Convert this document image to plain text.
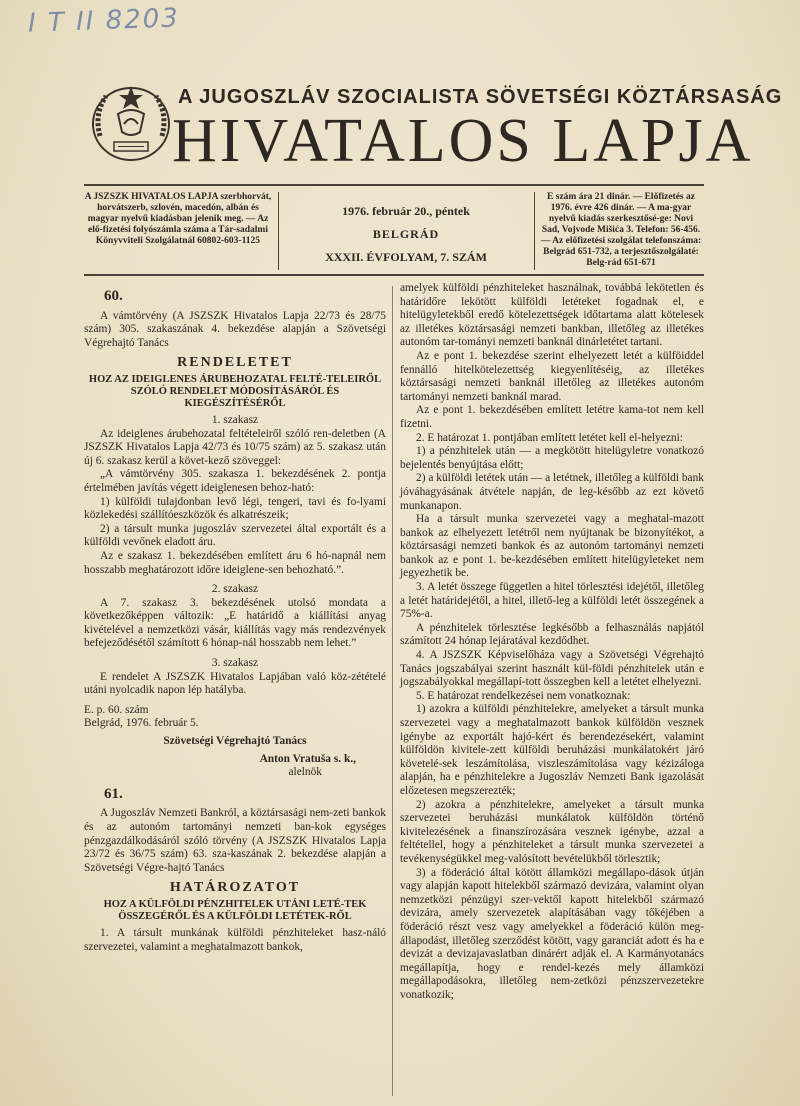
I T II 8203
A JUGOSZLÁV SZOCIALISTA SÖVETSÉGI KÖZTÁRSASÁG
HIVATALOS LAPJA
A JSZSZK HIVATALOS LAPJA szerbhorvát, horvátszerb, szlovén, macedón, albán és magyar nyelvű kiadásban jelenik meg. — Az elő-fizetési folyószámla száma a Tár-sadalmi Könyvviteli Szolgálatnál 60802-603-1125
1976. február 20., péntek
BELGRÁD
XXXII. ÉVFOLYAM, 7. SZÁM
E szám ára 21 dinár. — Előfizetés az 1976. évre 426 dinár. — A ma-gyar nyelvű kiadás szerkesztősé-ge: Novi Sad, Vojvode Mišića 3. Telefon: 56-456. — Az előfizetési szolgálat telefonszáma: Belgrád 651-732, a terjesztőszolgálaté: Belg-rád 651-671

60.

A vámtörvény (A JSZSZK Hivatalos Lapja 22/73 és 28/75 szám) 305. szakaszának 4. bekezdése alapján a Szövetségi Végrehajtó Tanács

RENDELETET

HOZ AZ IDEIGLENES ÁRUBEHOZATAL FELTÉ-TELEIRŐL SZÓLÓ RENDELET MÓDOSÍTÁSÁRÓL ÉS KIEGÉSZÍTÉSÉRŐL

1. szakasz

Az ideiglenes árubehozatal feltételeiről szóló ren-deletben (A JSZSZK Hivatalos Lapja 42/73 és 10/75 szám) az 5. szakasz után új 6. szakasz kerül a követ-kező szöveggel:

„A vámtörvény 305. szakasza 1. bekezdésének 2. pontja értelmében javítás végett ideiglenesen behoz-ható:

1) külföldi tulajdonban levő légi, tengeri, tavi és fo-lyami közlekedési szállítóeszközök és alkatrészeik;

2) a társult munka jugoszláv szervezetei által exportált és a külföldi vevőnek eladott áru.

Az e szakasz 1. bekezdésében említett áru 6 hó-napnál nem hosszabb meghatározott időre ideiglene-sen behozható.”.

2. szakasz

A 7. szakasz 3. bekezdésének utolsó mondata a következőképpen változik: „E határidő a kiállítási anyag kivételével a nemzetközi vásár, kiállítás vagy más rendezvények befejeződésétől számított 6 hónap-nál hosszabb nem lehet.”

3. szakasz

E rendelet A JSZSZK Hivatalos Lapjában való köz-zétételé utáni nyolcadik napon lép hatályba.

E. p. 60. szám

Belgrád, 1976. február 5.

Szövetségi Végrehajtó Tanács

Anton Vratuša s. k.,

alelnök

61.

A Jugoszláv Nemzeti Bankról, a köztársasági nem-zeti bankok és az autonóm tartományi nemzeti ban-kok egységes pénzgazdálkodásáról szóló törvény (A JSZSZK Hivatalos Lapja 23/72 és 36/75 szám) 63. sza-kaszának 2. bekezdése alapján a Szövetségi Végre-hajtó Tanács

HATÁROZATOT

HOZ A KÜLFÖLDI PÉNZHITELEK UTÁNI LETÉ-TEK ÖSSZEGÉRŐL ÉS A KÜLFÖLDI LETÉTEK-RŐL

1. A társult munkának külföldi pénzhiteleket hasz-náló szervezetei, valamint a meghatalmazott bankok,

amelyek külföldi pénzhiteleket használnak, továbbá lekötetlen és határidőre lekötött külföldi letéteket fogadnak el, e hitelügyletekből eredő kötelezettségek időtartama alatt kötelesek az illetékes köztársasági nemzeti bankban, illetőleg az illetékes autonóm tar-tományi nemzeti banknál dinárletétet tartani.

Az e pont 1. bekezdése szerint elhelyezett letét a külföiddel fennálló hitelkötelezettség kiegyenlítéséig, az illetékes köztársasági nemzeti banknál illetőleg az illetékes autonóm tartományi nemzeti banknál marad.

Az e pont 1. bekezdésében említett letétre kama-tot nem kell fizetni.

2. E határozat 1. pontjában említett letétet kell el-helyezni:

1) a pénzhitelek után — a megkötött hitelügyletre vonatkozó bejelentés benyújtása előtt;

2) a külföldi letétek után — a letétnek, illetőleg a külföldi bank jóváhagyásának átvétele napján, de leg-később az ezt követő munkanapon.

Ha a társult munka szervezetei vagy a meghatal-mazott bankok az elhelyezett letétről nem nyújtanak be bizonyítékot, a köztársasági nemzeti bankok és az autonóm tartományi nemzeti bankok az e pont 1. be-kezdésében említett hitelügyleteket nem jegyezhetik be.

3. A letét összege független a hitel törlesztési idejétől, illetőleg a letét határidejétől, a hitel, illető-leg a külföldi letét összegének a 75%-a.

A pénzhitelek törlesztése legkésőbb a felhasználás napjától számított 24 hónap lejáratával kezdődhet.

4. A JSZSZK Képviselőháza vagy a Szövetségi Végrehajtó Tanács jogszabályai szerint használt kül-földi pénzhitelek után e jogszabályokkal megállapí-tott összegben kell a letétet elhelyezni.

5. E határozat rendelkezései nem vonatkoznak:

1) azokra a külföldi pénzhitelekre, amelyeket a társult munka szervezetei vagy a meghatalmazott bankok külföldön vesznek igénybe az exportált hajó-kért és berendezésekért, valamint külföldön kivitele-zett külföldi beruházási munkálatokért járó követelé-sek leszámítolása, viszleszámítolása vagy kézizáloga alapján, ha e pénzhitelekre a Jugoszláv Nemzeti Bank igazolását előzetesen megszerezték;

2) azokra a pénzhitelekre, amelyeket a társult munka szervezetei beruházási munkálatok külföldön történő kivitelezésének a finanszírozására vesznek igénybe, azzal a feltétellel, hogy a pénzhiteleket a társult munka szervezetei a tevékenységükkel meg-valósított bevételükből törlesztik;

3) a föderáció által kötött államközi megállapo-dások útján vagy alapján kapott hitelekből származó devizára, valamint olyan nemzetközi pénzügyi szer-vektől kapott hitelekből származó devizára, amely szervezetek alapításában vagy tőkéjében a föderáció részt vesz vagy amelyekkel a föderáció külön meg-állapodást, illetőleg szerződést kötött, vagy garanciát adott és ha e devizát a devizajavaslatban dinárért adják el. A Karmányotanács megállapítja, hogy e rendel-kezés mely államközi megállapodásokra, illetőleg nem-zetközi pénzszervezetekre vonatkozik;
